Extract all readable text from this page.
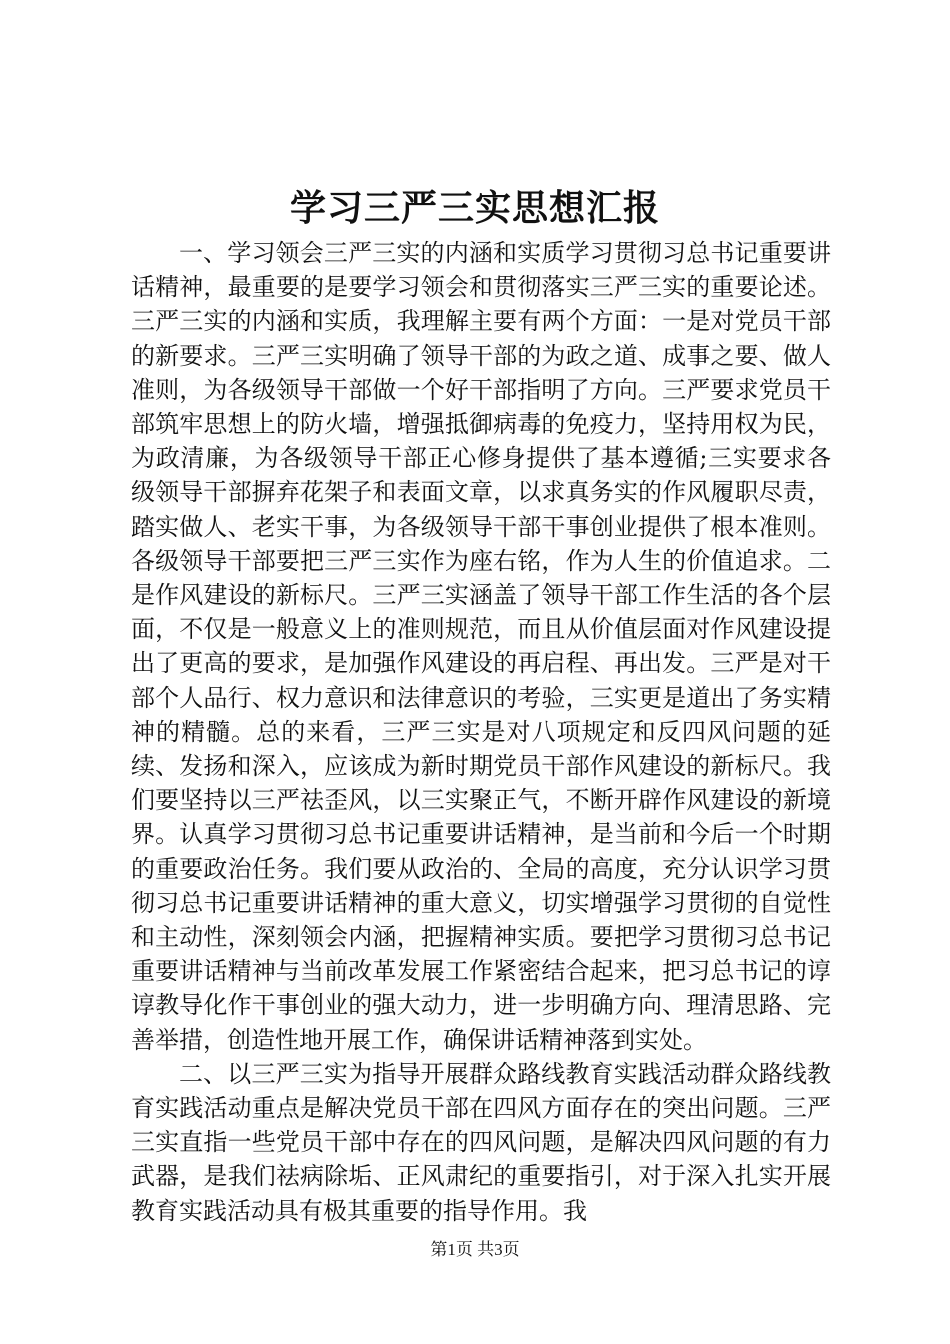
学习三严三实思想汇报

一、学习领会三严三实的内涵和实质学习贯彻习总书记重要讲话精神，最重要的是要学习领会和贯彻落实三严三实的重要论述。三严三实的内涵和实质，我理解主要有两个方面：一是对党员干部的新要求。三严三实明确了领导干部的为政之道、成事之要、做人准则，为各级领导干部做一个好干部指明了方向。三严要求党员干部筑牢思想上的防火墙，增强抵御病毒的免疫力，坚持用权为民，为政清廉，为各级领导干部正心修身提供了基本遵循;三实要求各级领导干部摒弃花架子和表面文章，以求真务实的作风履职尽责，踏实做人、老实干事，为各级领导干部干事创业提供了根本准则。各级领导干部要把三严三实作为座右铭，作为人生的价值追求。二是作风建设的新标尺。三严三实涵盖了领导干部工作生活的各个层面，不仅是一般意义上的准则规范，而且从价值层面对作风建设提出了更高的要求，是加强作风建设的再启程、再出发。三严是对干部个人品行、权力意识和法律意识的考验，三实更是道出了务实精神的精髓。总的来看，三严三实是对八项规定和反四风问题的延续、发扬和深入，应该成为新时期党员干部作风建设的新标尺。我们要坚持以三严祛歪风，以三实聚正气，不断开辟作风建设的新境界。认真学习贯彻习总书记重要讲话精神，是当前和今后一个时期的重要政治任务。我们要从政治的、全局的高度，充分认识学习贯彻习总书记重要讲话精神的重大意义，切实增强学习贯彻的自觉性和主动性，深刻领会内涵，把握精神实质。要把学习贯彻习总书记重要讲话精神与当前改革发展工作紧密结合起来，把习总书记的谆谆教导化作干事创业的强大动力，进一步明确方向、理清思路、完善举措，创造性地开展工作，确保讲话精神落到实处。

二、以三严三实为指导开展群众路线教育实践活动群众路线教育实践活动重点是解决党员干部在四风方面存在的突出问题。三严三实直指一些党员干部中存在的四风问题，是解决四风问题的有力武器，是我们祛病除垢、正风肃纪的重要指引，对于深入扎实开展教育实践活动具有极其重要的指导作用。我

第1页 共3页
